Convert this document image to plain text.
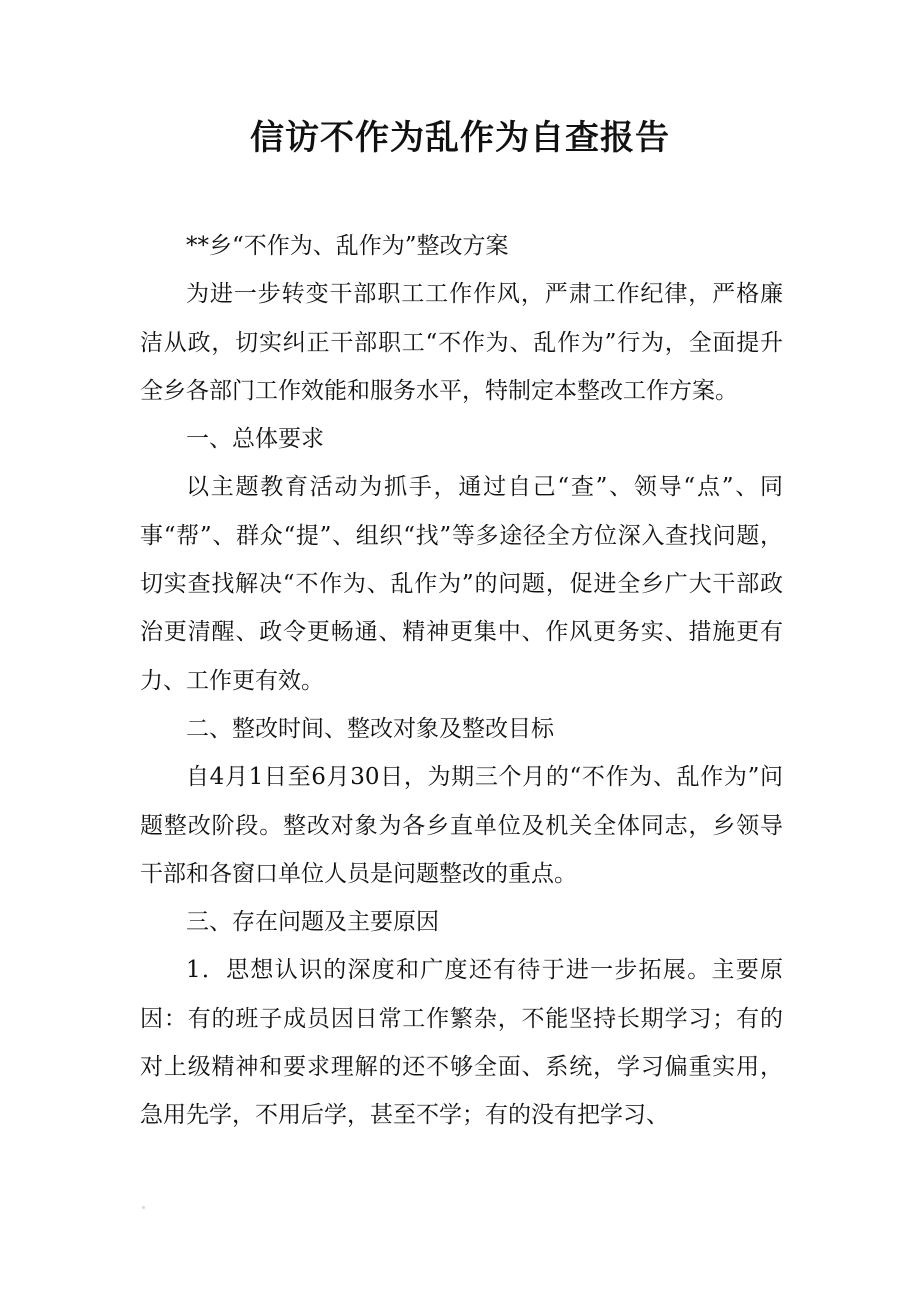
信访不作为乱作为自查报告

**乡“不作为、乱作为”整改方案

为进一步转变干部职工工作作风，严肃工作纪律，严格廉洁从政，切实纠正干部职工“不作为、乱作为”行为，全面提升全乡各部门工作效能和服务水平，特制定本整改工作方案。

一、总体要求

以主题教育活动为抓手，通过自己“查”、领导“点”、同事“帮”、群众“提”、组织“找”等多途径全方位深入查找问题，切实查找解决“不作为、乱作为”的问题，促进全乡广大干部政治更清醒、政令更畅通、精神更集中、作风更务实、措施更有力、工作更有效。

二、整改时间、整改对象及整改目标

自4月1日至6月30日，为期三个月的“不作为、乱作为”问题整改阶段。整改对象为各乡直单位及机关全体同志，乡领导干部和各窗口单位人员是问题整改的重点。

三、存在问题及主要原因

1．思想认识的深度和广度还有待于进一步拓展。主要原因：有的班子成员因日常工作繁杂，不能坚持长期学习；有的对上级精神和要求理解的还不够全面、系统，学习偏重实用，急用先学，不用后学，甚至不学；有的没有把学习、
